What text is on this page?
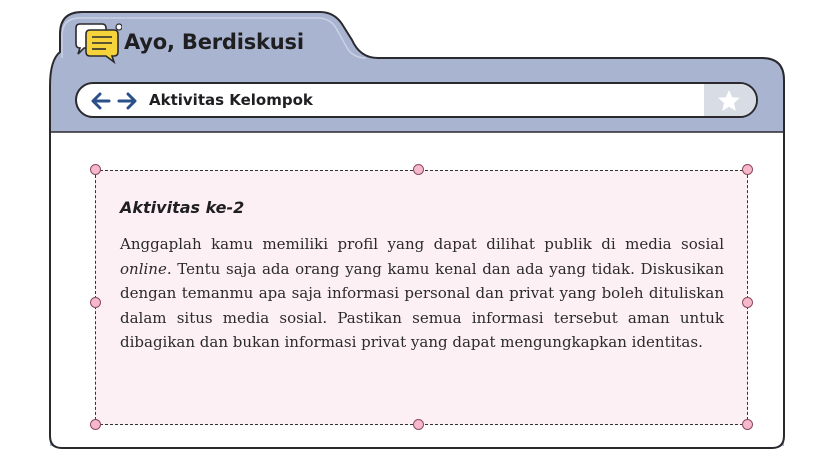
Ayo, Berdiskusi
Aktivitas Kelompok
Aktivitas ke-2

Anggaplah kamu memiliki profil yang dapat dilihat publik di media sosial online. Tentu saja ada orang yang kamu kenal dan ada yang tidak. Diskusikan dengan temanmu apa saja informasi personal dan privat yang boleh dituliskan dalam situs media sosial. Pastikan semua informasi tersebut aman untuk dibagikan dan bukan informasi privat yang dapat mengungkapkan identitas.
